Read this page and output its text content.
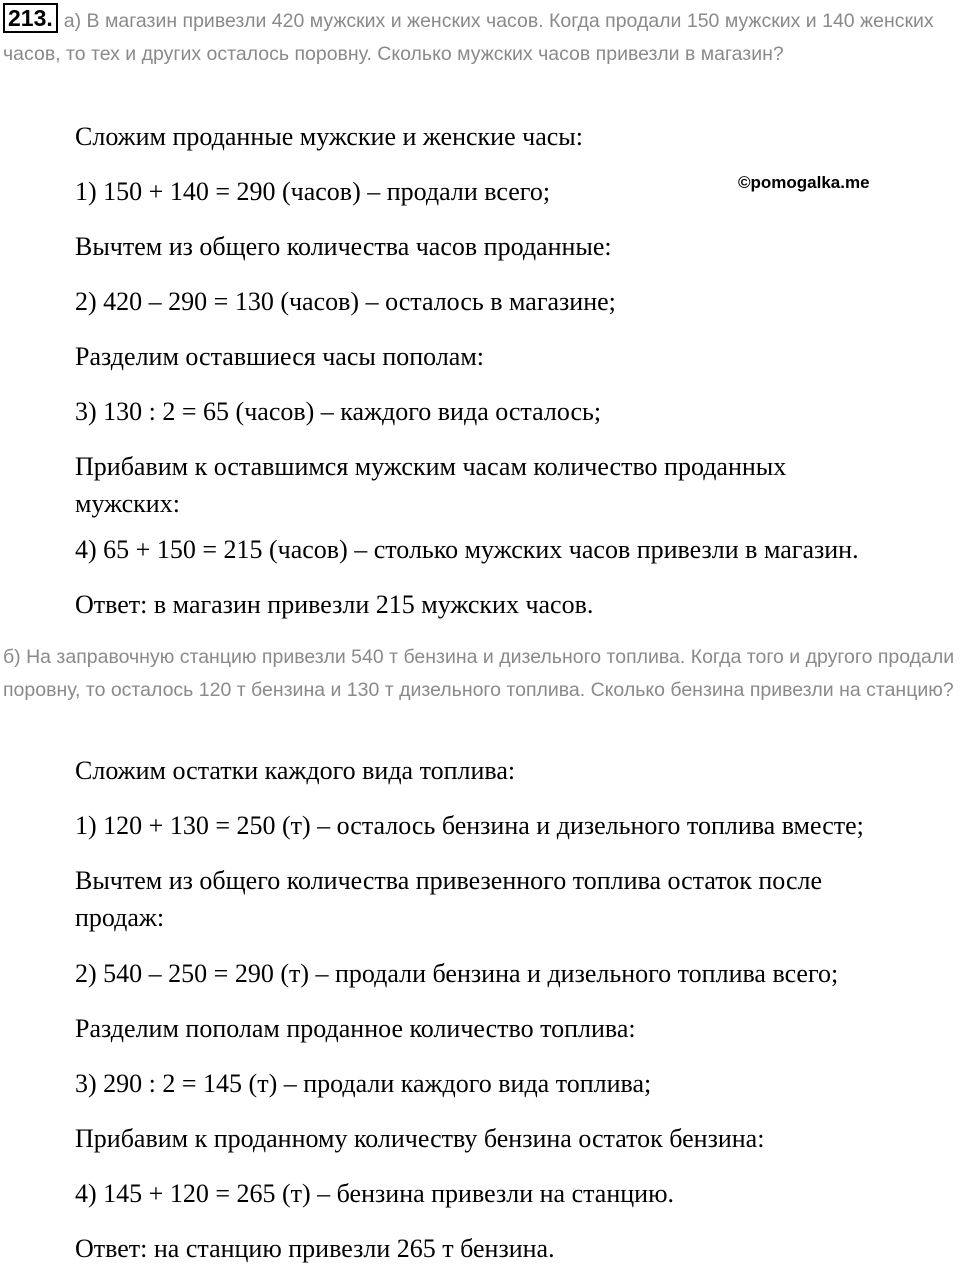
213. а) В магазин привезли 420 мужских и женских часов. Когда продали 150 мужских и 140 женских часов, то тех и других осталось поровну. Сколько мужских часов привезли в магазин?

Сложим проданные мужские и женские часы:

1) 150 + 140 = 290 (часов) – продали всего;	©pomogalka.me

Вычтем из общего количества часов проданные:

2) 420 – 290 = 130 (часов) – осталось в магазине;

Разделим оставшиеся часы пополам:

3) 130 : 2 = 65 (часов) – каждого вида осталось;

Прибавим к оставшимся мужским часам количество проданных мужских:

4) 65 + 150 = 215 (часов) – столько мужских часов привезли в магазин.

Ответ: в магазин привезли 215 мужских часов.

б) На заправочную станцию привезли 540 т бензина и дизельного топлива. Когда того и другого продали поровну, то осталось 120 т бензина и 130 т дизельного топлива. Сколько бензина привезли на станцию?

Сложим остатки каждого вида топлива:

1) 120 + 130 = 250 (т) – осталось бензина и дизельного топлива вместе;

Вычтем из общего количества привезенного топлива остаток после продаж:

2) 540 – 250 = 290 (т) – продали бензина и дизельного топлива всего;

Разделим пополам проданное количество топлива:

3) 290 : 2 = 145 (т) – продали каждого вида топлива;

Прибавим к проданному количеству бензина остаток бензина:

4) 145 + 120 = 265 (т) – бензина привезли на станцию.

Ответ: на станцию привезли 265 т бензина.
